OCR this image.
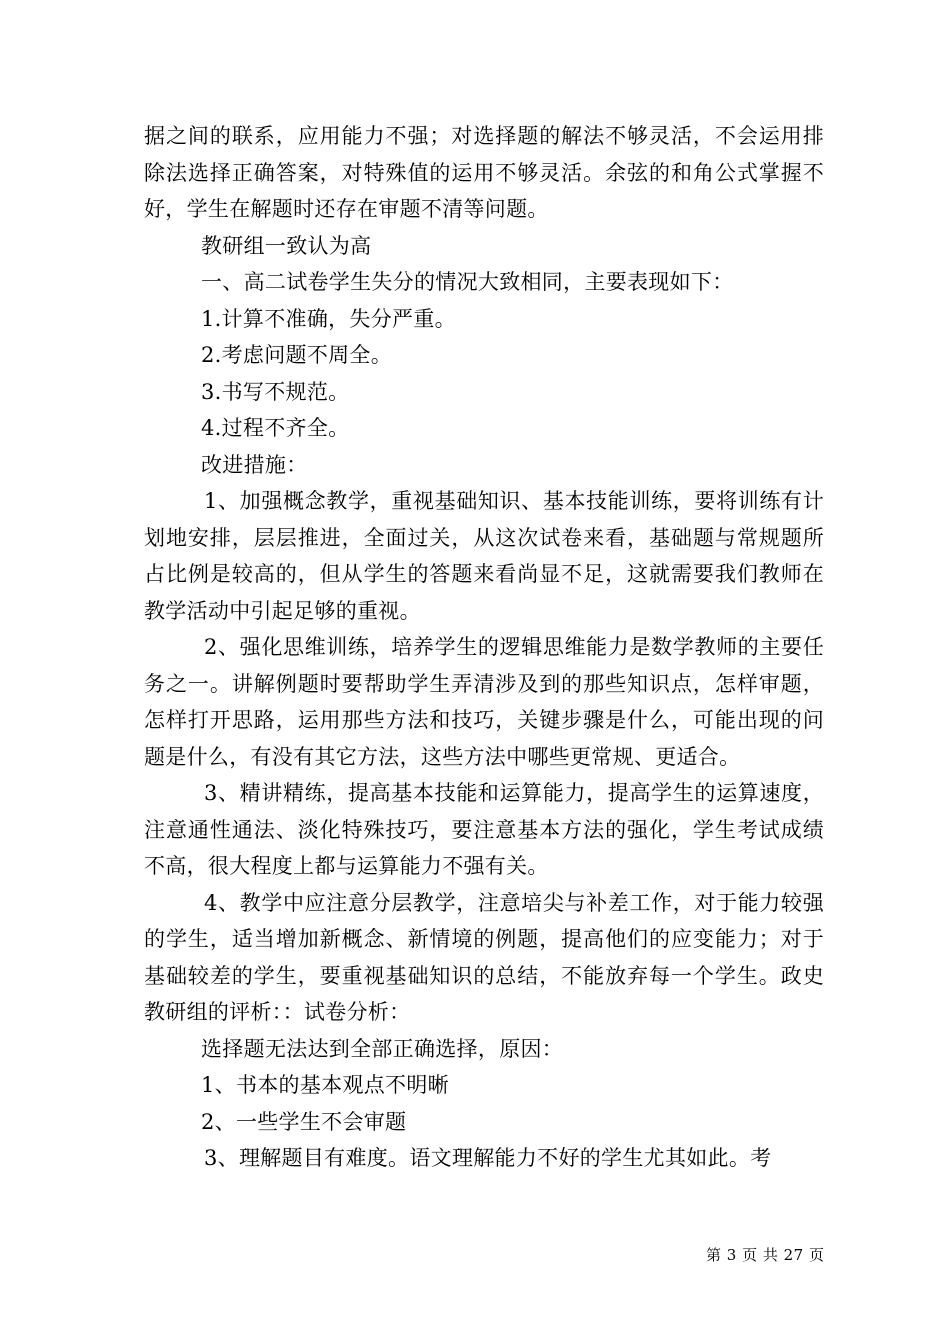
据之间的联系，应用能力不强；对选择题的解法不够灵活，不会运用排除法选择正确答案，对特殊值的运用不够灵活。余弦的和角公式掌握不好，学生在解题时还存在审题不清等问题。

教研组一致认为高

一、高二试卷学生失分的情况大致相同，主要表现如下：

1.计算不准确，失分严重。

2.考虑问题不周全。

3.书写不规范。

4.过程不齐全。

改进措施：

1、加强概念教学，重视基础知识、基本技能训练，要将训练有计划地安排，层层推进，全面过关，从这次试卷来看，基础题与常规题所占比例是较高的，但从学生的答题来看尚显不足，这就需要我们教师在教学活动中引起足够的重视。

2、强化思维训练，培养学生的逻辑思维能力是数学教师的主要任务之一。讲解例题时要帮助学生弄清涉及到的那些知识点，怎样审题，怎样打开思路，运用那些方法和技巧，关键步骤是什么，可能出现的问题是什么，有没有其它方法，这些方法中哪些更常规、更适合。

3、精讲精练，提高基本技能和运算能力，提高学生的运算速度，注意通性通法、淡化特殊技巧，要注意基本方法的强化，学生考试成绩不高，很大程度上都与运算能力不强有关。

4、教学中应注意分层教学，注意培尖与补差工作，对于能力较强的学生，适当增加新概念、新情境的例题，提高他们的应变能力；对于基础较差的学生，要重视基础知识的总结，不能放弃每一个学生。政史教研组的评析：：试卷分析：

选择题无法达到全部正确选择，原因：

1、书本的基本观点不明晰

2、一些学生不会审题

3、理解题目有难度。语文理解能力不好的学生尤其如此。考

第 3 页 共 27 页
